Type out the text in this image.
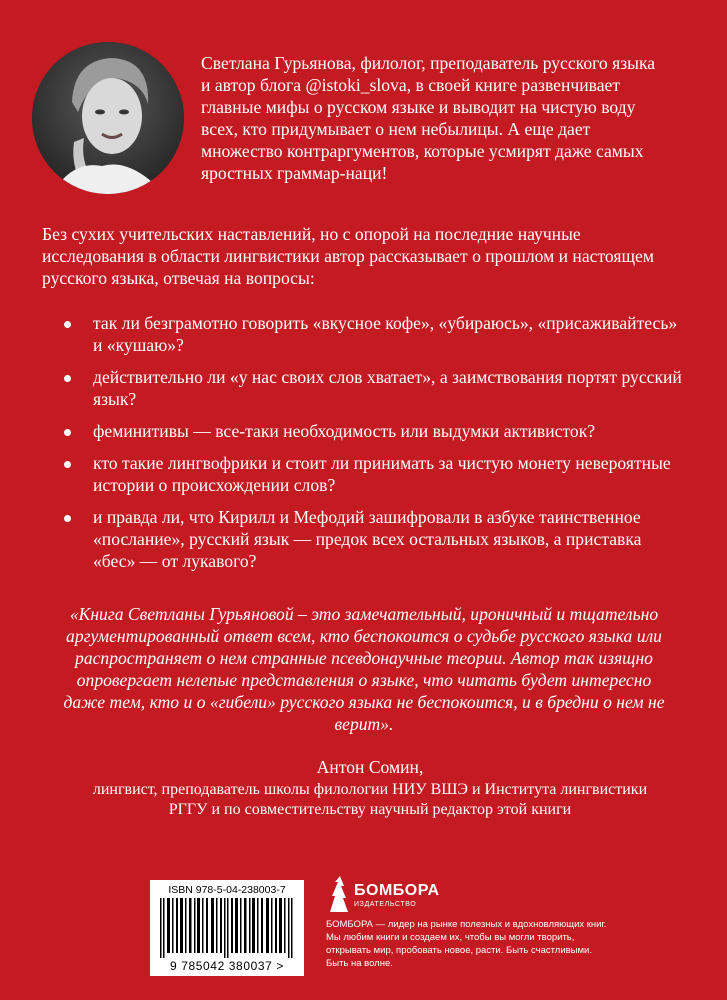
Светлана Гурьянова, филолог, преподаватель русского языка и автор блога @istoki_slova, в своей книге развенчивает главные мифы о русском языке и выводит на чистую воду всех, кто придумывает о нем небылицы. А еще дает множество контраргументов, которые усмирят даже самых яростных граммар-наци!

Без сухих учительских наставлений, но с опорой на последние научные исследования в области лингвистики автор рассказывает о прошлом и настоящем русского языка, отвечая на вопросы:

так ли безграмотно говорить «вкусное кофе», «убираюсь», «присаживайтесь» и «кушаю»?
действительно ли «у нас своих слов хватает», а заимствования портят русский язык?
феминитивы — все-таки необходимость или выдумки активисток?
кто такие лингвофрики и стоит ли принимать за чистую монету невероятные истории о происхождении слов?
и правда ли, что Кирилл и Мефодий зашифровали в азбуке таинственное «послание», русский язык — предок всех остальных языков, а приставка «бес» — от лукавого?

«Книга Светланы Гурьяновой – это замечательный, ироничный и тщательно аргументированный ответ всем, кто беспокоится о судьбе русского языка или распространяет о нем странные псевдонаучные теории. Автор так изящно опровергает нелепые представления о языке, что читать будет интересно даже тем, кто и о «гибели» русского языка не беспокоится, и в бредни о нем не верит».

Антон Сомин,
лингвист, преподаватель школы филологии НИУ ВШЭ и Института лингвистики РГГУ и по совместительству научный редактор этой книги
ISBN 978-5-04-238003-7
9 785042 380037 >
БОМБОРА
ИЗДАТЕЛЬСТВО

БОМБОРА — лидер на рынке полезных и вдохновляющих книг. Мы любим книги и создаем их, чтобы вы могли творить, открывать мир, пробовать новое, расти. Быть счастливыми. Быть на волне.
